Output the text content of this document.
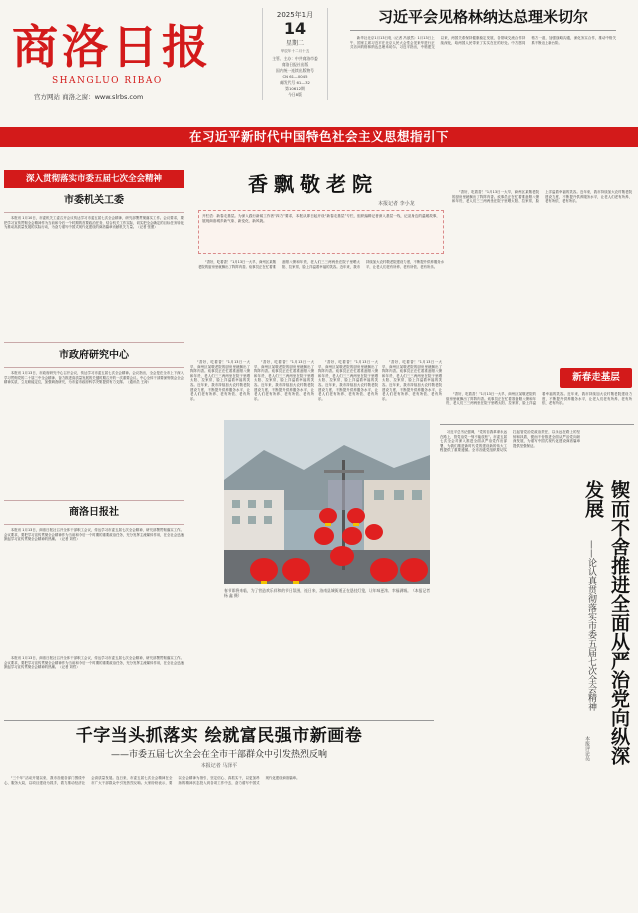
商洛日报
SHANGLUO RIBAO
官方网站 商洛之窗：www.slrbs.com
2025年1月
14
星期二
甲辰年十二月十五
主管、主办：中共商洛市委
商洛日报社出版
国内统一连续出版物号
CN 61—0045
邮发代号 61—32
第10612期
今日8版
习近平会见格林纳达总理米切尔
新华社北京1月13日电（记者 冯歆然）1月13日上午，国家主席习近平在北京人民大会堂会见来华进行正式访问的格林纳达总理米切尔。习近平指出，中格建交以来，两国关系保持健康稳定发展，各领域交流合作持续深化，给两国人民带来了实实在在的好处。中方愿同格方一道，加强战略沟通，深化务实合作，推动中格关系不断迈上新台阶。
在习近平新时代中国特色社会主义思想指引下
深入贯彻落实市委五届七次全会精神
市委机关工委
本报讯 1月10日，市委机关工委召开会议传达学习市委五届七次全会精神，研究部署贯彻落实工作。会议要求，要把学习宣传贯彻全会精神作为当前和今后一个时期的首要政治任务，结合机关工作实际，切实把全会确定的目标任务转化为推动高质量发展的实际行动，为奋力谱写中国式现代化建设的商洛篇章贡献机关力量。（记者 张蕾）
市政府研究中心
本报讯 1月13日，市政府研究中心召开会议，传达学习市委五届七次全会精神。会议指出，全会是在全市上下深入学习贯彻党的二十届三中全会精神、奋力推进高质量发展的关键时期召开的一次重要会议。中心全体干部要深刻领会全会精神实质，立足职能定位，加强调查研究，为市委市政府科学决策提供有力支撑。（通讯员 王涛）
商洛日报社
本报讯 1月13日，商洛日报社召开全体干部职工会议，传达学习市委五届七次全会精神，研究部署贯彻落实工作。会议要求，要把学习宣传贯彻全会精神作为当前和今后一个时期的重要政治任务，充分发挥主流媒体作用，在全社会迅速掀起学习宣传贯彻全会精神的热潮。（记者 刘哲）
香飘敬老院
本报记者 李小龙
开栏语：新春走基层。为深入践行新闻工作者“四力”要求，本报从即日起开设“新春走基层”专栏，组织编辑记者深入基层一线，记录身边的温暖故事，展现商洛城乡新气象、新变化、新风貌。
“香好，吃着香！”1月13日一大早，商州区某敬老院的厨房里就飘出了阵阵肉香。炊事员正在忙着准备腊八粥和年货，老人们三三两两坐在院子里晒太阳、拉家常，脸上洋溢着幸福的笑容。近年来，我市持续加大农村敬老院建设力度，不断提升供养服务水平，让老人们老有所养、老有所依、老有所乐。
“香好，吃着香！”1月13日一大早，商州区某敬老院的厨房里就飘出了阵阵肉香。炊事员正在忙着准备腊八粥和年货，老人们三三两两坐在院子里晒太阳、拉家常，脸上洋溢着幸福的笑容。近年来，我市持续加大农村敬老院建设力度，不断提升供养服务水平，让老人们老有所养、老有所依、老有所乐。
春节即将来临，为了营造欢乐祥和的节日氛围，连日来，洛南县城街道正在悬挂灯笼，让年味更浓、幸福满城。（本报记者 杨 鑫 摄）
“香好，吃着香！”1月13日一大早，商州区某敬老院的厨房里就飘出了阵阵肉香。炊事员正在忙着准备腊八粥和年货，老人们三三两两坐在院子里晒太阳、拉家常，脸上洋溢着幸福的笑容。近年来，我市持续加大农村敬老院建设力度，不断提升供养服务水平，让老人们老有所养、老有所依、老有所乐。
“香好，吃着香！”1月13日一大早，商州区某敬老院的厨房里就飘出了阵阵肉香。炊事员正在忙着准备腊八粥和年货，老人们三三两两坐在院子里晒太阳、拉家常，脸上洋溢着幸福的笑容。近年来，我市持续加大农村敬老院建设力度，不断提升供养服务水平，让老人们老有所养、老有所依、老有所乐。
“香好，吃着香！”1月13日一大早，商州区某敬老院的厨房里就飘出了阵阵肉香。炊事员正在忙着准备腊八粥和年货，老人们三三两两坐在院子里晒太阳、拉家常，脸上洋溢着幸福的笑容。近年来，我市持续加大农村敬老院建设力度，不断提升供养服务水平，让老人们老有所养、老有所依、老有所乐。
“香好，吃着香！”1月13日一大早，商州区某敬老院的厨房里就飘出了阵阵肉香。炊事员正在忙着准备腊八粥和年货，老人们三三两两坐在院子里晒太阳、拉家常，脸上洋溢着幸福的笑容。近年来，我市持续加大农村敬老院建设力度，不断提升供养服务水平，让老人们老有所养、老有所依、老有所乐。
新春走基层
“香好，吃着香！”1月13日一大早，商州区某敬老院的厨房里就飘出了阵阵肉香。炊事员正在忙着准备腊八粥和年货，老人们三三两两坐在院子里晒太阳、拉家常，脸上洋溢着幸福的笑容。近年来，我市持续加大农村敬老院建设力度，不断提升供养服务水平，让老人们老有所养、老有所依、老有所乐。
习近平总书记强调，“党的自我革命永远在路上，管党治党一刻不能放松”。市委五届七次全会对深入推进全面从严治党作出部署，为我们推进新时代党的建设新的伟大工程提供了重要遵循。全市各级党组织要切实扛起管党治党政治责任，以永远在路上的坚韧和执着，锲而不舍推进全面从严治党向纵深发展，为谱写中国式现代化建设商洛篇章提供坚强保证。
锲而不舍推进全面从严治党向纵深发展
——论认真贯彻落实市委五届七次全会精神
本报评论员
千字当头抓落实 绘就富民强市新画卷
——市委五届七次全会在全市干部群众中引发热烈反响
本报记者 马泽平
“三个年”活动开展以来，我市各级各部门围绕中心、服务大局，以项目建设为抓手，着力推动经济社会高质量发展。连日来，市委五届七次全会精神在全市广大干部群众中引发热烈反响。大家纷纷表示，要以全会精神为指引，坚定信心、真抓实干，以更加昂扬的精神状态投入到各项工作中去，奋力谱写中国式现代化建设商洛篇章。
本报讯 1月13日，商洛日报社召开全体干部职工会议，传达学习市委五届七次全会精神，研究部署贯彻落实工作。会议要求，要把学习宣传贯彻全会精神作为当前和今后一个时期的重要政治任务，充分发挥主流媒体作用，在全社会迅速掀起学习宣传贯彻全会精神的热潮。（记者 刘哲）
